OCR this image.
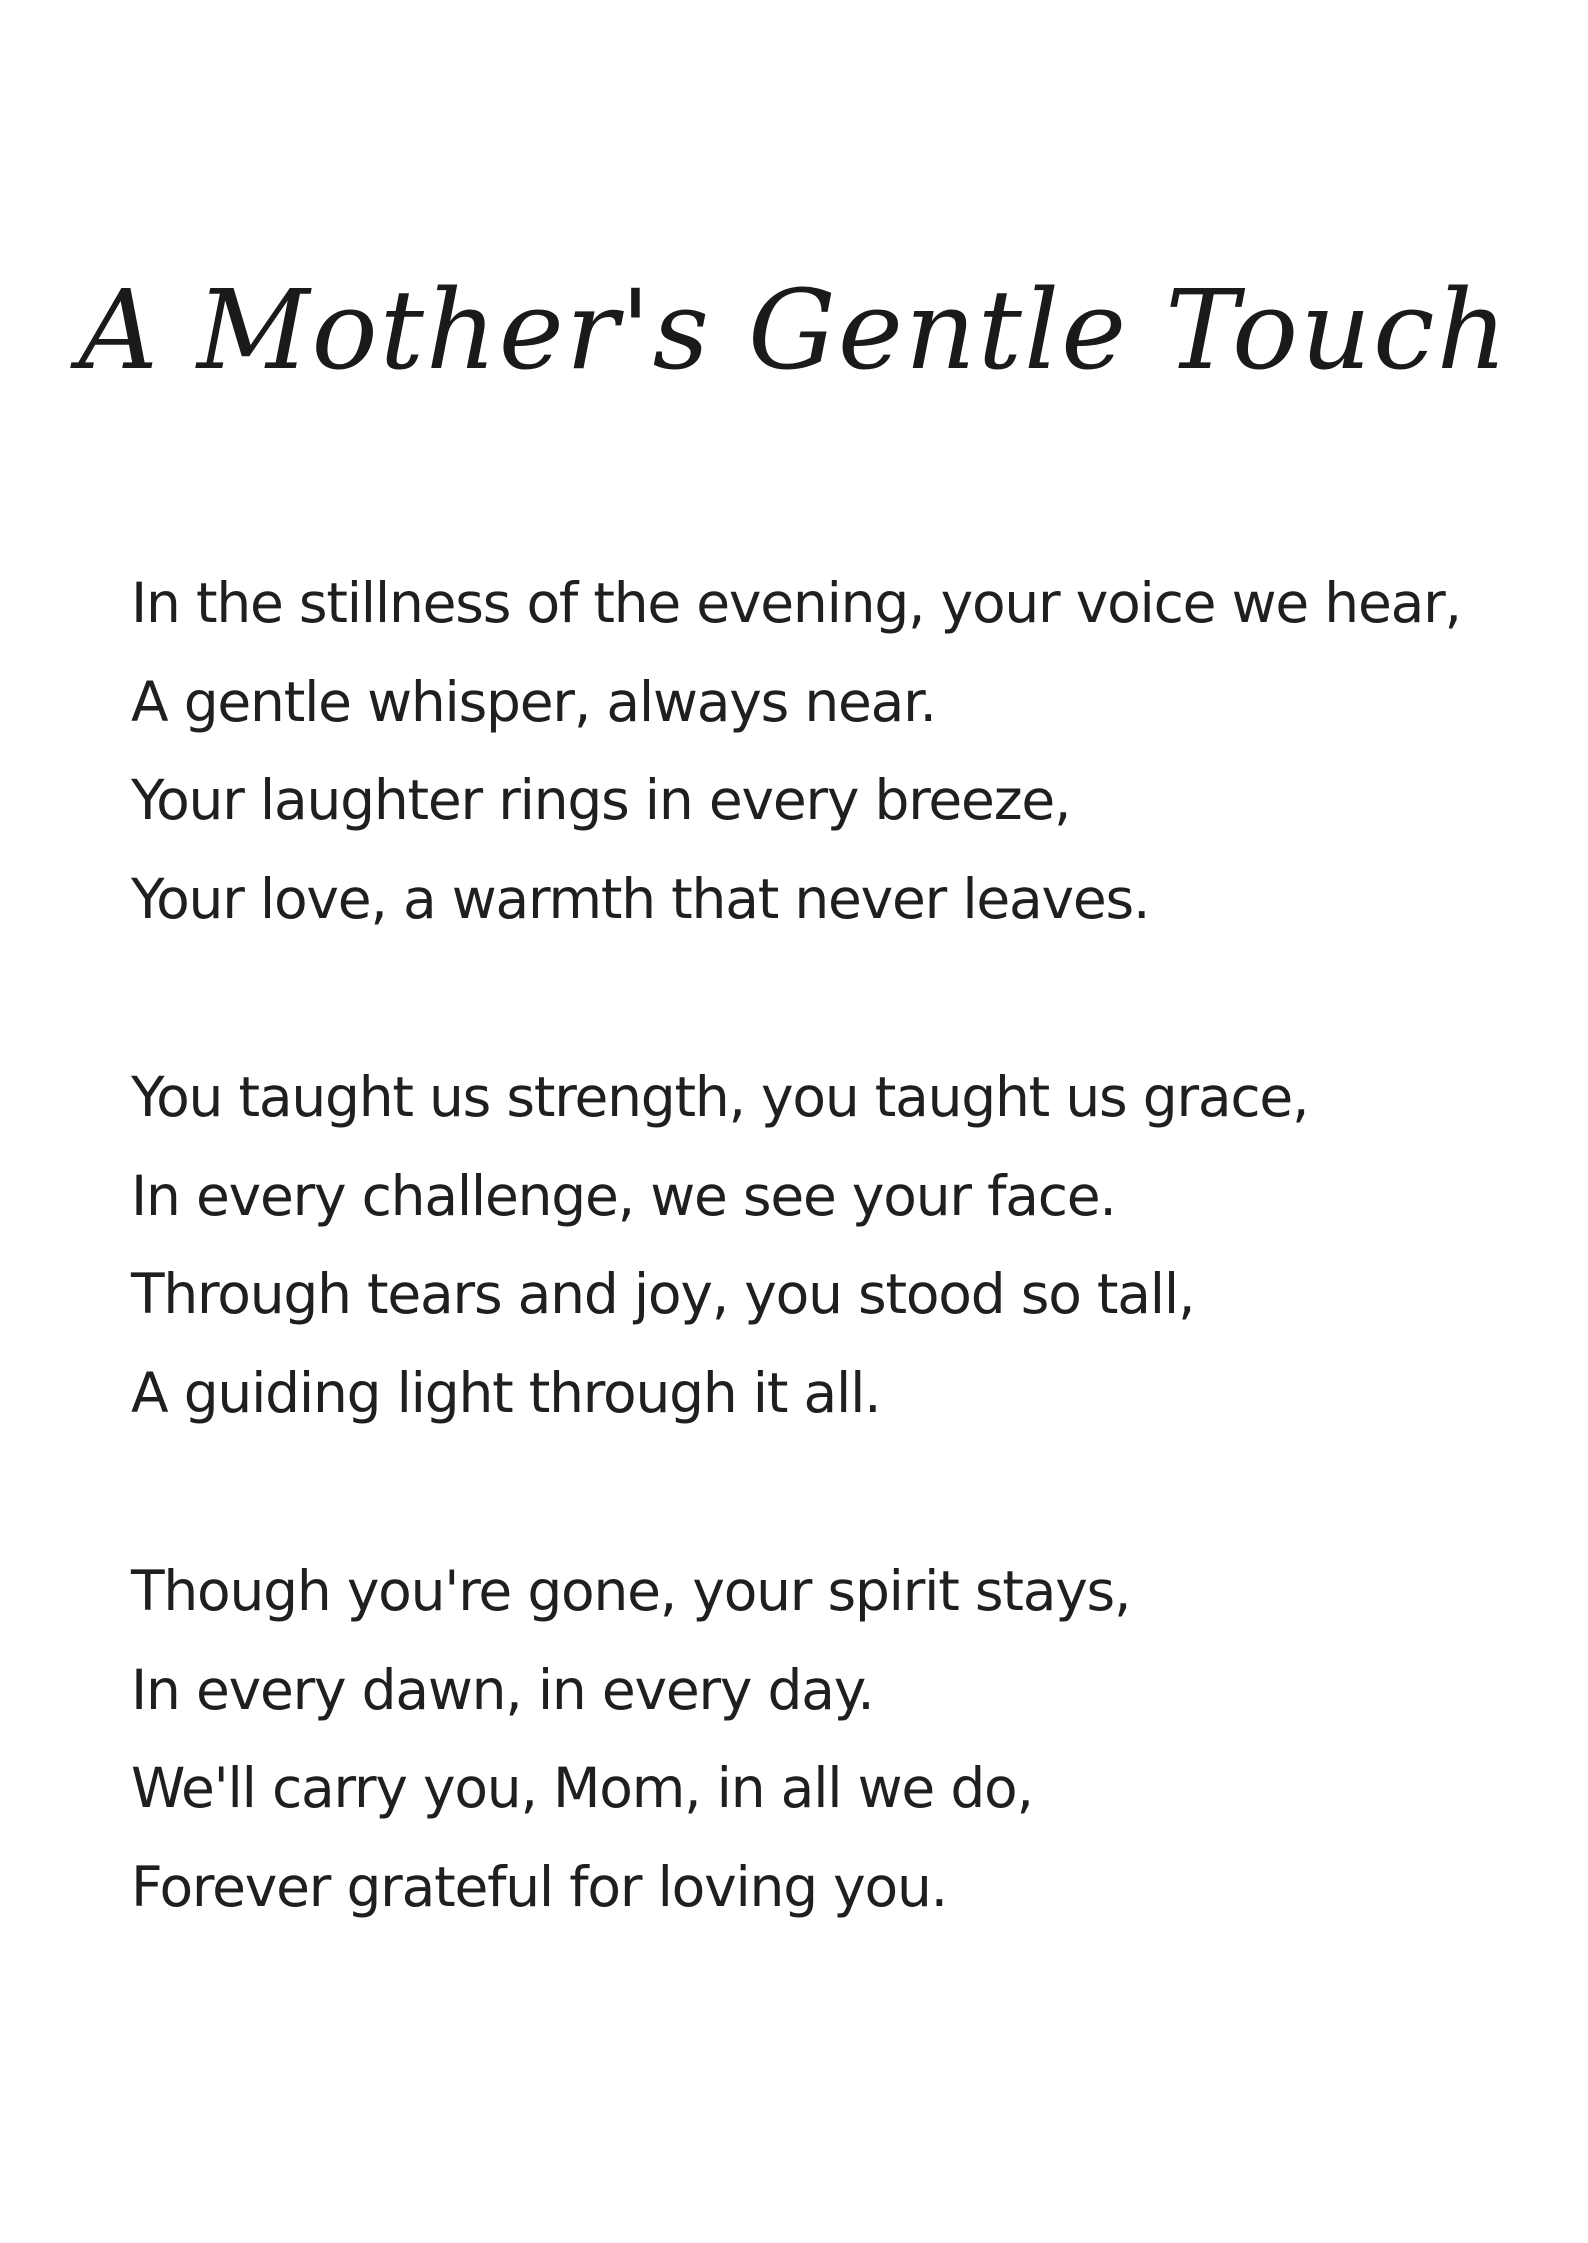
A Mother's Gentle Touch
In the stillness of the evening, your voice we hear,
A gentle whisper, always near.
Your laughter rings in every breeze,
Your love, a warmth that never leaves.
You taught us strength, you taught us grace,
In every challenge, we see your face.
Through tears and joy, you stood so tall,
A guiding light through it all.
Though you're gone, your spirit stays,
In every dawn, in every day.
We'll carry you, Mom, in all we do,
Forever grateful for loving you.
